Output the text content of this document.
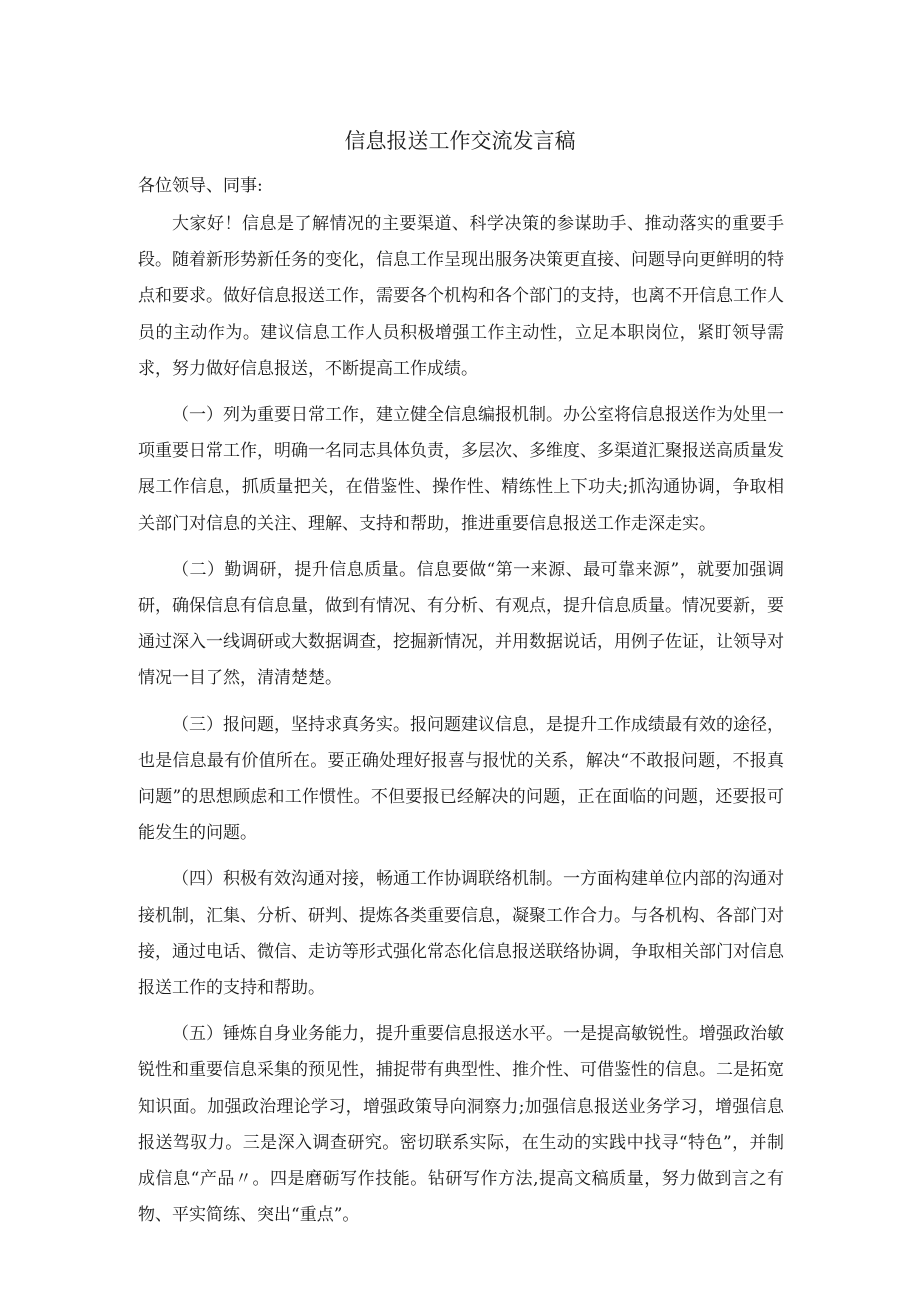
信息报送工作交流发言稿

各位领导、同事:

大家好！信息是了解情况的主要渠道、科学决策的参谋助手、推动落实的重要手段。随着新形势新任务的变化，信息工作呈现出服务决策更直接、问题导向更鲜明的特点和要求。做好信息报送工作，需要各个机构和各个部门的支持，也离不开信息工作人员的主动作为。建议信息工作人员积极增强工作主动性，立足本职岗位，紧盯领导需求，努力做好信息报送，不断提高工作成绩。

（一）列为重要日常工作，建立健全信息编报机制。办公室将信息报送作为处里一项重要日常工作，明确一名同志具体负责，多层次、多维度、多渠道汇聚报送高质量发展工作信息，抓质量把关，在借鉴性、操作性、精练性上下功夫;抓沟通协调，争取相关部门对信息的关注、理解、支持和帮助，推进重要信息报送工作走深走实。

（二）勤调研，提升信息质量。信息要做“第一来源、最可靠来源”，就要加强调研，确保信息有信息量，做到有情况、有分析、有观点，提升信息质量。情况要新，要通过深入一线调研或大数据调查，挖掘新情况，并用数据说话，用例子佐证，让领导对情况一目了然，清清楚楚。

（三）报问题，坚持求真务实。报问题建议信息，是提升工作成绩最有效的途径，也是信息最有价值所在。要正确处理好报喜与报忧的关系，解决“不敢报问题，不报真问题”的思想顾虑和工作惯性。不但要报已经解决的问题，正在面临的问题，还要报可能发生的问题。

（四）积极有效沟通对接，畅通工作协调联络机制。一方面构建单位内部的沟通对接机制，汇集、分析、研判、提炼各类重要信息，凝聚工作合力。与各机构、各部门对接，通过电话、微信、走访等形式强化常态化信息报送联络协调，争取相关部门对信息报送工作的支持和帮助。

（五）锤炼自身业务能力，提升重要信息报送水平。一是提高敏锐性。增强政治敏锐性和重要信息采集的预见性，捕捉带有典型性、推介性、可借鉴性的信息。二是拓宽知识面。加强政治理论学习，增强政策导向洞察力;加强信息报送业务学习，增强信息报送驾驭力。三是深入调查研究。密切联系实际，在生动的实践中找寻“特色”，并制成信息“产品〃。四是磨砺写作技能。钻研写作方法,提高文稿质量，努力做到言之有物、平实简练、突出“重点”。
